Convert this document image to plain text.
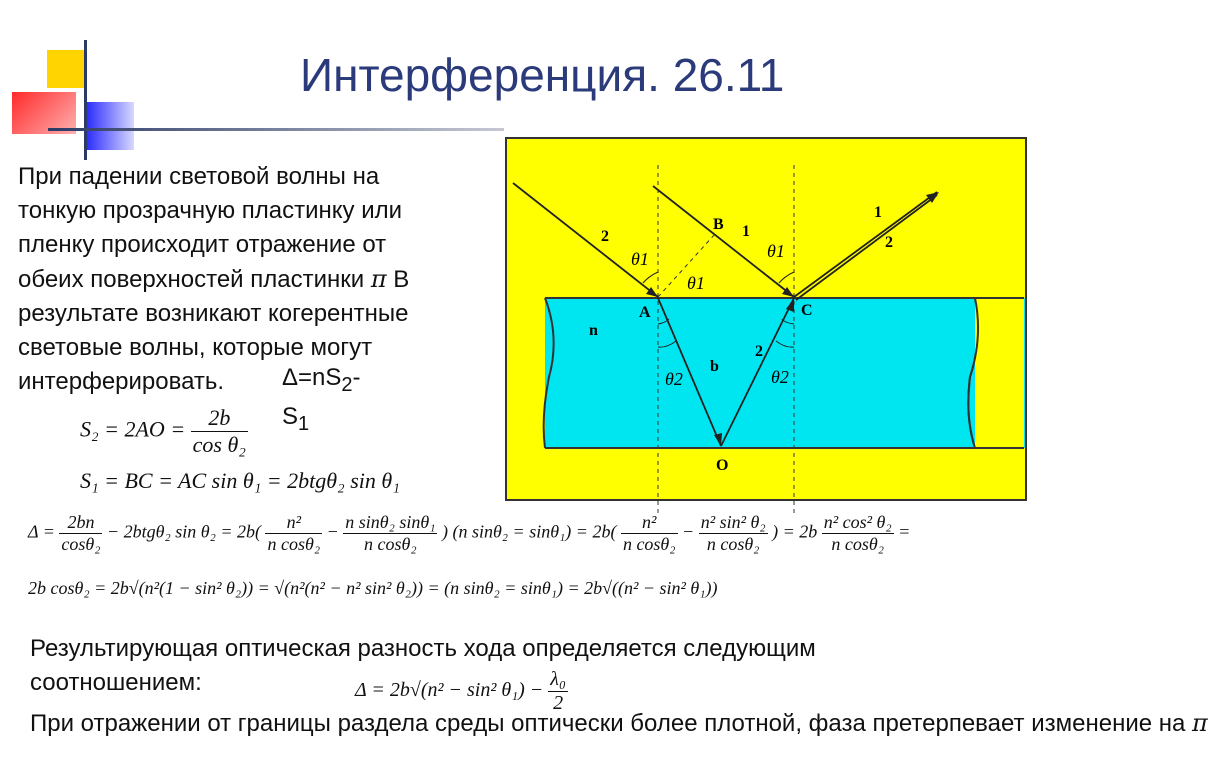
Интерференция. 26.11
При падении световой волны на
тонкую прозрачную пластинку или
пленку происходит отражение от
обеих поверхностей пластинки π В
результате возникают когерентные
световые волны, которые могут
интерферировать.	$\Delta=nS_2-$
$S_1$
$S_2 = 2AO = \frac{2b}{\text{cos θ₂}}$
S₁ = BC = AC sin θ₁ = 2btgθ₂ sin θ₁
2
B 1
θ1
θ1
θ1
1
2
A	C
n
b
θ2	θ2
2
O
$\Delta = \frac{2bn}{\text{cosθ₂}} - 2btg\theta_2$ $\sin \theta_2 = 2b( \frac{\text{n²}}{\text{n cosθ₂}} - \frac{\text{n sinθ₂ sinθ₁}}{\text{n cosθ₂}}$ ) (n $\sin\theta_2 = \sin\theta_1) = 2b( \frac{\text{n²}}{\text{n cosθ₂}} - \frac{\text{n² sin² θ₂}}{\text{n cosθ₂}}$ ) = $2b \frac{\text{n² cos² θ₂}}{\text{n cosθ₂}}$ =
2b cosθ₂ = 2b√(n²(1 − sin² θ₂)) = √(n²(n² − n² sin² θ₂)) = (n sinθ₂ = sinθ₁) = 2b√((n² − sin² θ₁))
Результирующая оптическая разность хода определяется следующим
соотношением:	Δ = 2b√(n² − sin² $\theta_1) - \frac{\text{λ₀}}{2}$
При отражении от границы раздела среды оптически более плотной, фаза претерпевает изменение на π
